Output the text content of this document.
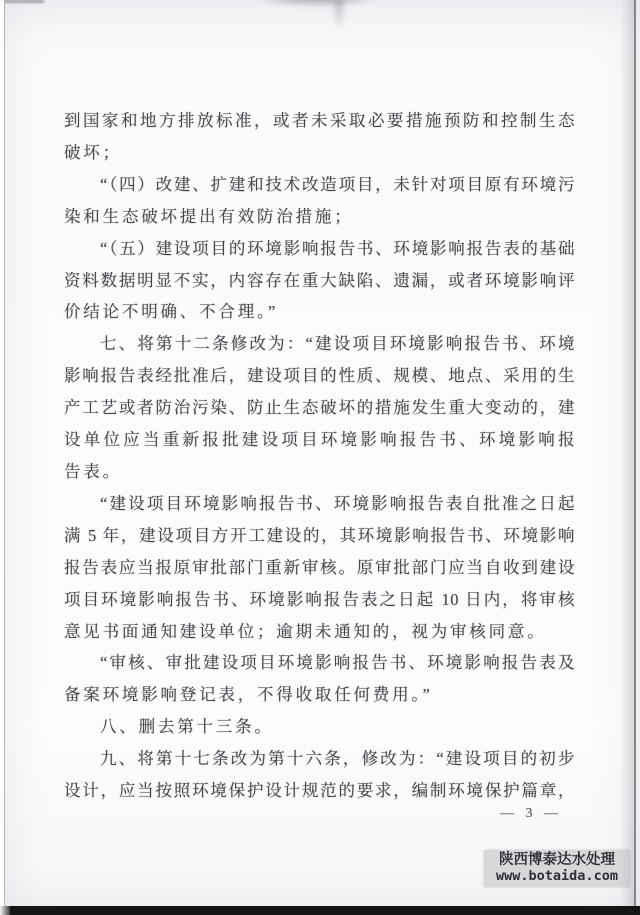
到国家和地方排放标准，或者未采取必要措施预防和控制生态
破坏；
“（四）改建、扩建和技术改造项目，未针对项目原有环境污
染和生态破坏提出有效防治措施；
“（五）建设项目的环境影响报告书、环境影响报告表的基础
资料数据明显不实，内容存在重大缺陷、遗漏，或者环境影响评
价结论不明确、不合理。”
七、将第十二条修改为：“建设项目环境影响报告书、环境
影响报告表经批准后，建设项目的性质、规模、地点、采用的生
产工艺或者防治污染、防止生态破坏的措施发生重大变动的，建
设单位应当重新报批建设项目环境影响报告书、环境影响报
告表。
“建设项目环境影响报告书、环境影响报告表自批准之日起
满 5 年，建设项目方开工建设的，其环境影响报告书、环境影响
报告表应当报原审批部门重新审核。原审批部门应当自收到建设
项目环境影响报告书、环境影响报告表之日起 10 日内，将审核
意见书面通知建设单位；逾期未通知的，视为审核同意。
“审核、审批建设项目环境影响报告书、环境影响报告表及
备案环境影响登记表，不得收取任何费用。”
八、删去第十三条。
九、将第十七条改为第十六条，修改为：“建设项目的初步
设计，应当按照环境保护设计规范的要求，编制环境保护篇章，
— 3 —
陕西博泰达水处理
www.botaida.com
